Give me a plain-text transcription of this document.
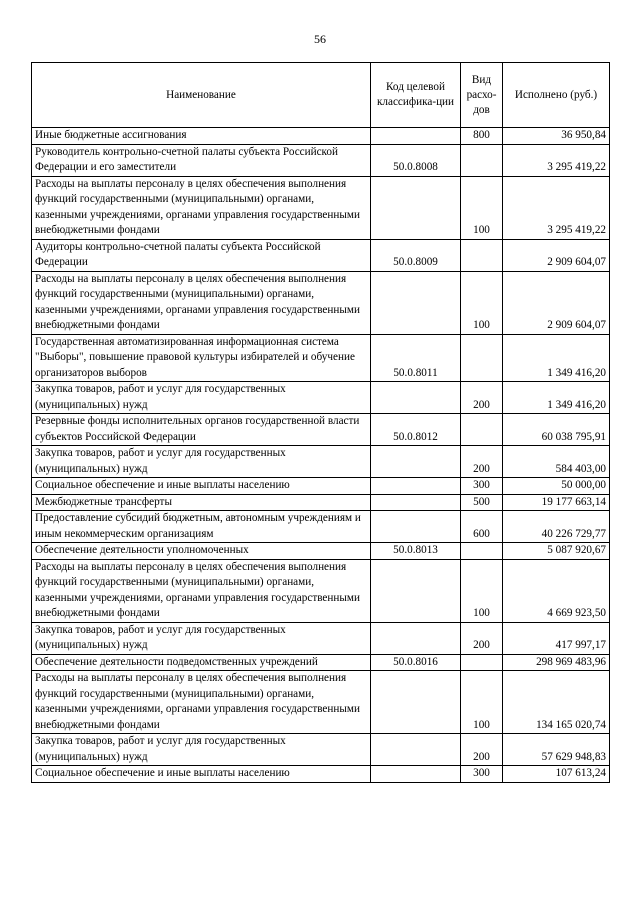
56
Наименование	Код целевой классифика-ции	Вид расхо-дов	Исполнено (руб.)
Иные бюджетные ассигнования		800	36 950,84
Руководитель контрольно-счетной палаты субъекта Российской Федерации и его заместители	50.0.8008		3 295 419,22
Расходы на выплаты персоналу в целях обеспечения выполнения функций государственными (муниципальными) органами, казенными учреждениями, органами управления государственными внебюджетными фондами		100	3 295 419,22
Аудиторы контрольно-счетной палаты субъекта Российской Федерации	50.0.8009		2 909 604,07
Расходы на выплаты персоналу в целях обеспечения выполнения функций государственными (муниципальными) органами, казенными учреждениями, органами управления государственными внебюджетными фондами		100	2 909 604,07
Государственная автоматизированная информационная система "Выборы", повышение правовой культуры избирателей и обучение организаторов выборов	50.0.8011		1 349 416,20
Закупка товаров, работ и услуг для государственных (муниципальных) нужд		200	1 349 416,20
Резервные фонды исполнительных органов государственной власти субъектов Российской Федерации	50.0.8012		60 038 795,91
Закупка товаров, работ и услуг для государственных (муниципальных) нужд		200	584 403,00
Социальное обеспечение и иные выплаты населению		300	50 000,00
Межбюджетные трансферты		500	19 177 663,14
Предоставление субсидий бюджетным, автономным учреждениям и иным некоммерческим организациям		600	40 226 729,77
Обеспечение деятельности уполномоченных	50.0.8013		5 087 920,67
Расходы на выплаты персоналу в целях обеспечения выполнения функций государственными (муниципальными) органами, казенными учреждениями, органами управления государственными внебюджетными фондами		100	4 669 923,50
Закупка товаров, работ и услуг для государственных (муниципальных) нужд		200	417 997,17
Обеспечение деятельности подведомственных учреждений	50.0.8016		298 969 483,96
Расходы на выплаты персоналу в целях обеспечения выполнения функций государственными (муниципальными) органами, казенными учреждениями, органами управления государственными внебюджетными фондами		100	134 165 020,74
Закупка товаров, работ и услуг для государственных (муниципальных) нужд		200	57 629 948,83
Социальное обеспечение и иные выплаты населению		300	107 613,24
